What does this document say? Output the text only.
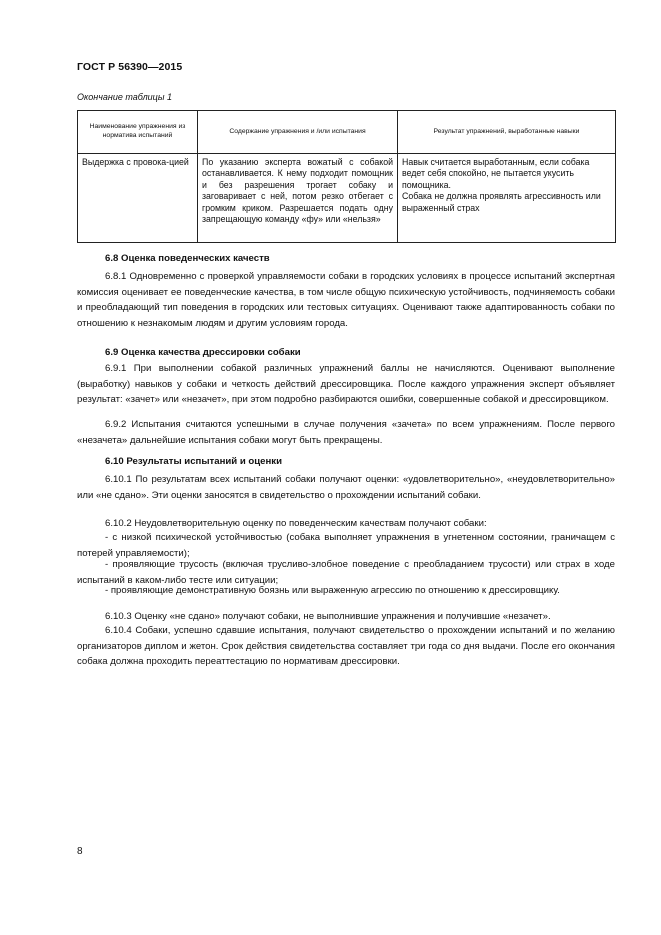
ГОСТ Р 56390—2015
Окончание таблицы 1
Наименование упражнения из норматива испытаний	Содержание упражнения и /или испытания	Результат упражнений, выработанные навыки
Выдержка с провока-цией	По указанию эксперта вожатый с собакой останавливается. К нему подходит помощник и без разрешения трогает собаку и заговаривает с ней, потом резко отбегает с громким криком. Разрешается подать одну запрещающую команду «фу» или «нельзя»	Навык считается выработанным, если собака ведет себя спокойно, не пытается укусить помощника.
Собака не должна проявлять агрессивность или выраженный страх
6.8 Оценка поведенческих качеств
6.8.1 Одновременно с проверкой управляемости собаки в городских условиях в процессе испытаний экспертная комиссия оценивает ее поведенческие качества, в том числе общую психическую устойчивость, подчиняемость собаки и преобладающий тип поведения в городских или тестовых ситуациях. Оценивают также адаптированность собаки по отношению к незнакомым людям и другим условиям города.
6.9 Оценка качества дрессировки собаки
6.9.1 При выполнении собакой различных упражнений баллы не начисляются. Оценивают выполнение (выработку) навыков у собаки и четкость действий дрессировщика. После каждого упражнения эксперт объявляет результат: «зачет» или «незачет», при этом подробно разбираются ошибки, совершенные собакой и дрессировщиком.
6.9.2 Испытания считаются успешными в случае получения «зачета» по всем упражнениям. После первого «незачета» дальнейшие испытания собаки могут быть прекращены.
6.10 Результаты испытаний и оценки
6.10.1 По результатам всех испытаний собаки получают оценки: «удовлетворительно», «неудовлетворительно» или «не сдано». Эти оценки заносятся в свидетельство о прохождении испытаний собаки.
6.10.2 Неудовлетворительную оценку по поведенческим качествам получают собаки:
- с низкой психической устойчивостью (собака выполняет упражнения в угнетенном состоянии, граничащем с потерей управляемости);
- проявляющие трусость (включая трусливо-злобное поведение с преобладанием трусости) или страх в ходе испытаний в каком-либо тесте или ситуации;
- проявляющие демонстративную боязнь или выраженную агрессию по отношению к дрессировщику.
6.10.3 Оценку «не сдано» получают собаки, не выполнившие упражнения и получившие «незачет».
6.10.4 Собаки, успешно сдавшие испытания, получают свидетельство о прохождении испытаний и по желанию организаторов диплом и жетон. Срок действия свидетельства составляет три года со дня выдачи. После его окончания собака должна проходить переаттестацию по нормативам дрессировки.
8
